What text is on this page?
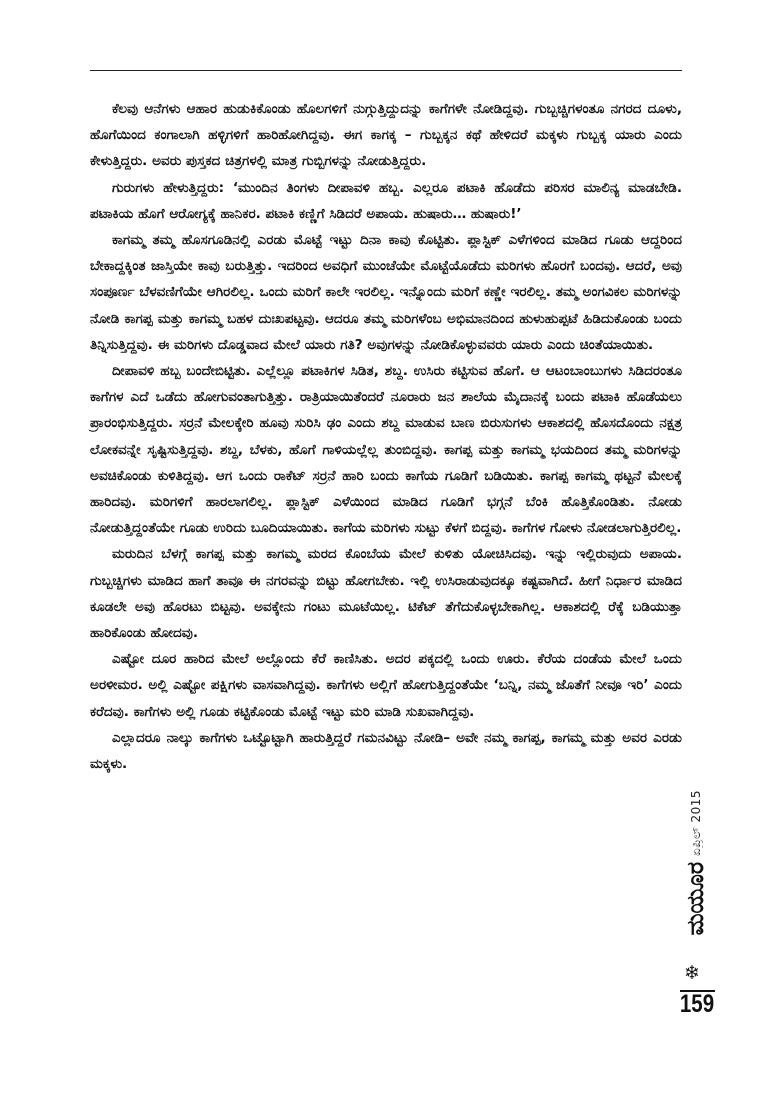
ಕೆಲವು ಆನೆಗಳು ಆಹಾರ ಹುಡುಕಿಕೊಂಡು ಹೊಲಗಳಿಗೆ ನುಗ್ಗುತ್ತಿದ್ದುದನ್ನು ಕಾಗೆಗಳೇ ನೋಡಿದ್ದವು. ಗುಬ್ಬಚ್ಚಿಗಳಂತೂ ನಗರದ ದೂಳು, ಹೊಗೆಯಿಂದ ಕಂಗಾಲಾಗಿ ಹಳ್ಳಿಗಳಿಗೆ ಹಾರಿಹೋಗಿದ್ದವು. ಈಗ ಕಾಗಕ್ಕ – ಗುಬ್ಬಕ್ಕನ ಕಥೆ ಹೇಳಿದರೆ ಮಕ್ಕಳು ಗುಬ್ಬಕ್ಕ ಯಾರು ಎಂದು ಕೇಳುತ್ತಿದ್ದರು. ಅವರು ಪುಸ್ತಕದ ಚಿತ್ರಗಳಲ್ಲಿ ಮಾತ್ರ ಗುಬ್ಬಿಗಳನ್ನು ನೋಡುತ್ತಿದ್ದರು.

ಗುರುಗಳು ಹೇಳುತ್ತಿದ್ದರು: ‘ಮುಂದಿನ ತಿಂಗಳು ದೀಪಾವಳಿ ಹಬ್ಬ. ಎಲ್ಲರೂ ಪಟಾಕಿ ಹೊಡೆದು ಪರಿಸರ ಮಾಲಿನ್ಯ ಮಾಡಬೇಡಿ. ಪಟಾಕಿಯ ಹೊಗೆ ಆರೋಗ್ಯಕ್ಕೆ ಹಾನಿಕರ. ಪಟಾಕಿ ಕಣ್ಣಿಗೆ ಸಿಡಿದರೆ ಅಪಾಯ. ಹುಷಾರು… ಹುಷಾರು!’

ಕಾಗಮ್ಮ ತಮ್ಮ ಹೊಸಗೂಡಿನಲ್ಲಿ ಎರಡು ಮೊಟ್ಟೆ ಇಟ್ಟು ದಿನಾ ಕಾವು ಕೊಟ್ಟಿತು. ಪ್ಲಾಸ್ಟಿಕ್ ಎಳೆಗಳಿಂದ ಮಾಡಿದ ಗೂಡು ಆದ್ದರಿಂದ ಬೇಕಾದ್ದಕ್ಕಿಂತ ಜಾಸ್ತಿಯೇ ಕಾವು ಬರುತ್ತಿತ್ತು. ಇದರಿಂದ ಅವಧಿಗೆ ಮುಂಚೆಯೇ ಮೊಟ್ಟೆಯೊಡೆದು ಮರಿಗಳು ಹೊರಗೆ ಬಂದವು. ಆದರೆ, ಅವು ಸಂಪೂರ್ಣ ಬೆಳವಣಿಗೆಯೇ ಆಗಿರಲಿಲ್ಲ. ಒಂದು ಮರಿಗೆ ಕಾಲೇ ಇರಲಿಲ್ಲ. ಇನ್ನೊಂದು ಮರಿಗೆ ಕಣ್ಣೇ ಇರಲಿಲ್ಲ. ತಮ್ಮ ಅಂಗವಿಕಲ ಮರಿಗಳನ್ನು ನೋಡಿ ಕಾಗಪ್ಪ ಮತ್ತು ಕಾಗಮ್ಮ ಬಹಳ ದುಃಖಪಟ್ಟವು. ಆದರೂ ತಮ್ಮ ಮರಿಗಳೆಂಬ ಅಭಿಮಾನದಿಂದ ಹುಳುಹುಪ್ಪಟೆ ಹಿಡಿದುಕೊಂಡು ಬಂದು ತಿನ್ನಿಸುತ್ತಿದ್ದವು. ಈ ಮರಿಗಳು ದೊಡ್ಡವಾದ ಮೇಲೆ ಯಾರು ಗತಿ? ಅವುಗಳನ್ನು ನೋಡಿಕೊಳ್ಳುವವರು ಯಾರು ಎಂದು ಚಿಂತೆಯಾಯಿತು.

ದೀಪಾವಳಿ ಹಬ್ಬ ಬಂದೇಬಿಟ್ಟಿತು. ಎಲ್ಲೆಲ್ಲೂ ಪಟಾಕಿಗಳ ಸಿಡಿತ, ಶಬ್ದ. ಉಸಿರು ಕಟ್ಟಿಸುವ ಹೊಗೆ. ಆ ಆಟಂಬಾಂಬುಗಳು ಸಿಡಿದರಂತೂ ಕಾಗೆಗಳ ಎದೆ ಒಡೆದು ಹೋಗುವಂತಾಗುತ್ತಿತ್ತು. ರಾತ್ರಿಯಾಯಿತೆಂದರೆ ನೂರಾರು ಜನ ಶಾಲೆಯ ಮೈದಾನಕ್ಕೆ ಬಂದು ಪಟಾಕಿ ಹೊಡೆಯಲು ಪ್ರಾರಂಭಿಸುತ್ತಿದ್ದರು. ಸರ್ರನೆ ಮೇಲಕ್ಕೇರಿ ಹೂವು ಸುರಿಸಿ ಢಂ ಎಂದು ಶಬ್ದ ಮಾಡುವ ಬಾಣ ಬಿರುಸುಗಳು ಆಕಾಶದಲ್ಲಿ ಹೊಸದೊಂದು ನಕ್ಷತ್ರ ಲೋಕವನ್ನೇ ಸೃಷ್ಟಿಸುತ್ತಿದ್ದವು. ಶಬ್ದ, ಬೆಳಕು, ಹೊಗೆ ಗಾಳಿಯಲ್ಲೆಲ್ಲ ತುಂಬಿದ್ದವು. ಕಾಗಪ್ಪ ಮತ್ತು ಕಾಗಮ್ಮ ಭಯದಿಂದ ತಮ್ಮ ಮರಿಗಳನ್ನು ಅವಚಿಕೊಂಡು ಕುಳಿತಿದ್ದವು. ಆಗ ಒಂದು ರಾಕೆಟ್ ಸರ್ರನೆ ಹಾರಿ ಬಂದು ಕಾಗೆಯ ಗೂಡಿಗೆ ಬಡಿಯಿತು. ಕಾಗಪ್ಪ ಕಾಗಮ್ಮ ಥಟ್ಟನೆ ಮೇಲಕ್ಕೆ ಹಾರಿದವು. ಮರಿಗಳಿಗೆ ಹಾರಲಾಗಲಿಲ್ಲ. ಪ್ಲಾಸ್ಟಿಕ್ ಎಳೆಯಿಂದ ಮಾಡಿದ ಗೂಡಿಗೆ ಭಗ್ಗನೆ ಬೆಂಕಿ ಹೊತ್ತಿಕೊಂಡಿತು. ನೋಡು ನೋಡುತ್ತಿದ್ದಂತೆಯೇ ಗೂಡು ಉರಿದು ಬೂದಿಯಾಯಿತು. ಕಾಗೆಯ ಮರಿಗಳು ಸುಟ್ಟು ಕೆಳಗೆ ಬಿದ್ದವು. ಕಾಗೆಗಳ ಗೋಳು ನೋಡಲಾಗುತ್ತಿರಲಿಲ್ಲ.

ಮರುದಿನ ಬೆಳಗ್ಗೆ ಕಾಗಪ್ಪ ಮತ್ತು ಕಾಗಮ್ಮ ಮರದ ಕೊಂಬೆಯ ಮೇಲೆ ಕುಳಿತು ಯೋಚಿಸಿದವು. ಇನ್ನು ಇಲ್ಲಿರುವುದು ಅಪಾಯ. ಗುಬ್ಬಚ್ಚಿಗಳು ಮಾಡಿದ ಹಾಗೆ ತಾವೂ ಈ ನಗರವನ್ನು ಬಿಟ್ಟು ಹೋಗಬೇಕು. ಇಲ್ಲಿ ಉಸಿರಾಡುವುದಕ್ಕೂ ಕಷ್ಟವಾಗಿದೆ. ಹೀಗೆ ನಿರ್ಧಾರ ಮಾಡಿದ ಕೂಡಲೇ ಅವು ಹೊರಟು ಬಿಟ್ಟವು. ಅವಕ್ಕೇನು ಗಂಟು ಮೂಟೆಯಿಲ್ಲ. ಟಿಕೆಟ್ ತೆಗೆದುಕೊಳ್ಳಬೇಕಾಗಿಲ್ಲ. ಆಕಾಶದಲ್ಲಿ ರೆಕ್ಕೆ ಬಡಿಯುತ್ತಾ ಹಾರಿಕೊಂಡು ಹೋದವು.

ಎಷ್ಟೋ ದೂರ ಹಾರಿದ ಮೇಲೆ ಅಲ್ಲೊಂದು ಕೆರೆ ಕಾಣಿಸಿತು. ಅದರ ಪಕ್ಕದಲ್ಲಿ ಒಂದು ಊರು. ಕೆರೆಯ ದಂಡೆಯ ಮೇಲೆ ಒಂದು ಅರಳೀಮರ. ಅಲ್ಲಿ ಎಷ್ಟೋ ಪಕ್ಷಿಗಳು ವಾಸವಾಗಿದ್ದವು. ಕಾಗೆಗಳು ಅಲ್ಲಿಗೆ ಹೋಗುತ್ತಿದ್ದಂತೆಯೇ ‘ಬನ್ನಿ, ನಮ್ಮ ಜೊತೆಗೆ ನೀವೂ ಇರಿ’ ಎಂದು ಕರೆದವು. ಕಾಗೆಗಳು ಅಲ್ಲಿ ಗೂಡು ಕಟ್ಟಿಕೊಂಡು ಮೊಟ್ಟೆ ಇಟ್ಟು ಮರಿ ಮಾಡಿ ಸುಖವಾಗಿದ್ದವು.

ಎಲ್ಲಾದರೂ ನಾಲ್ಕು ಕಾಗೆಗಳು ಒಟ್ಟೊಟ್ಟಾಗಿ ಹಾರುತ್ತಿದ್ದರೆ ಗಮನವಿಟ್ಟು ನೋಡಿ– ಅವೇ ನಮ್ಮ ಕಾಗಪ್ಪ, ಕಾಗಮ್ಮ ಮತ್ತು ಅವರ ಎರಡು ಮಕ್ಕಳು.

ಏಪ್ರಿಲ್ 2015
ಮಯೂರ
❄
159
